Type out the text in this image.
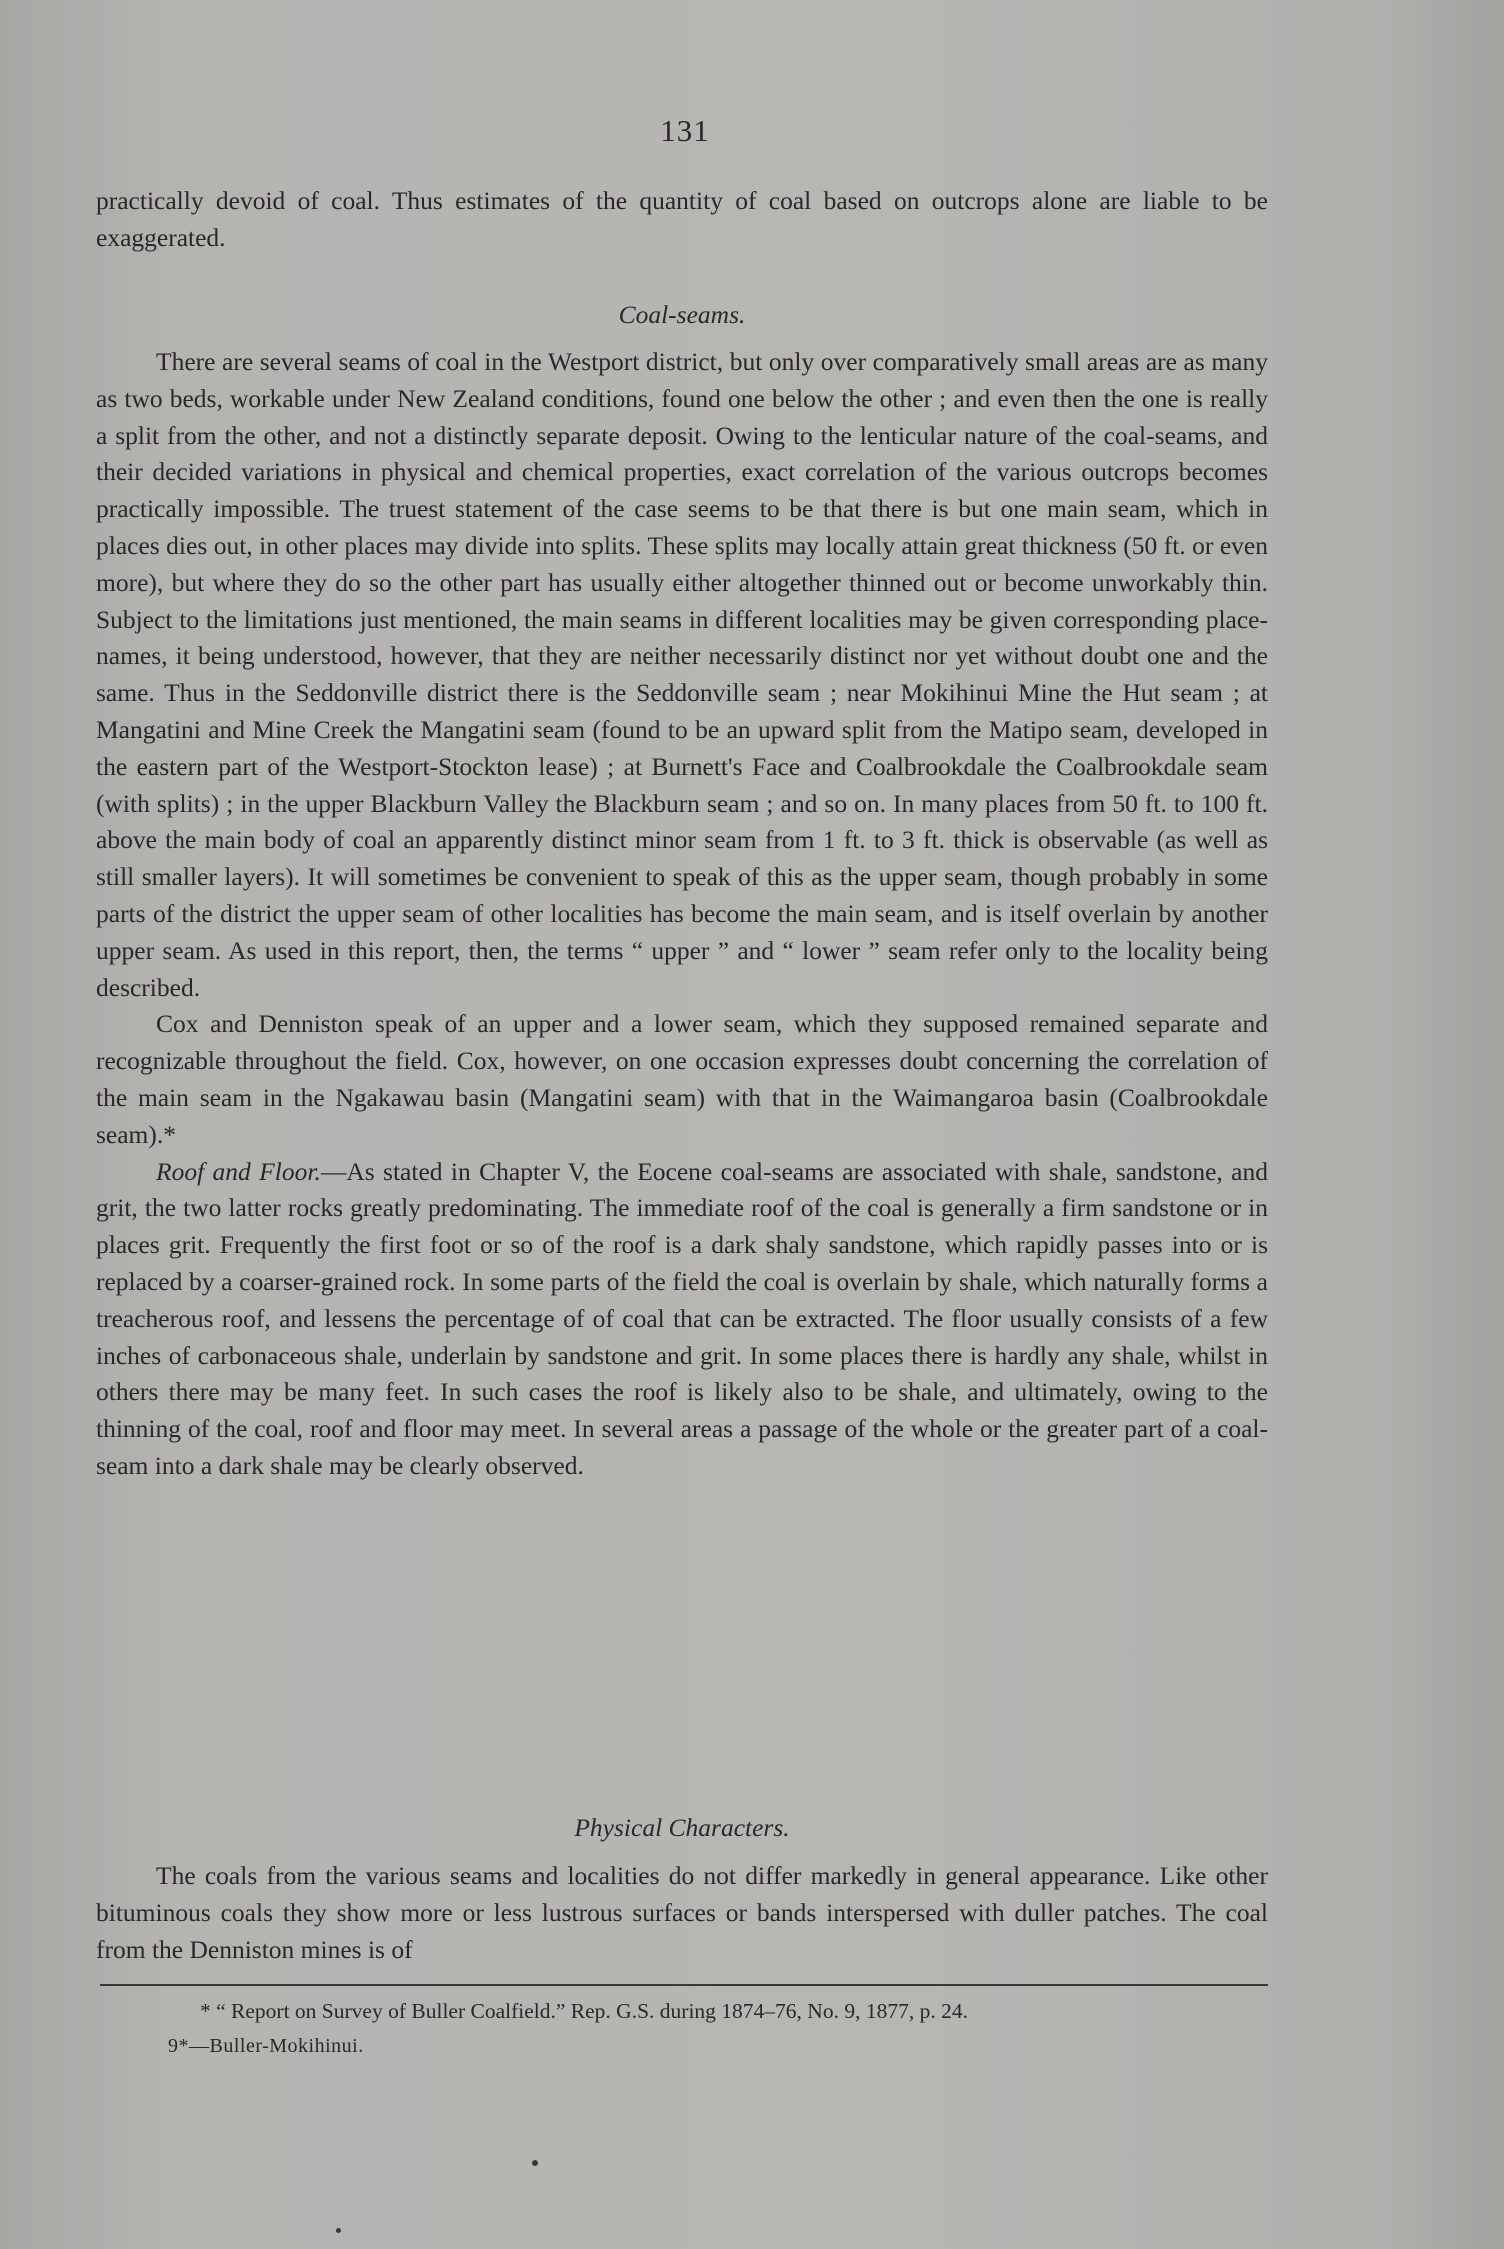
131

practically devoid of coal. Thus estimates of the quantity of coal based on outcrops alone are liable to be exaggerated.

Coal-seams.

There are several seams of coal in the Westport district, but only over comparatively small areas are as many as two beds, workable under New Zealand conditions, found one below the other ; and even then the one is really a split from the other, and not a distinctly separate deposit. Owing to the lenticular nature of the coal-seams, and their decided variations in physical and chemical properties, exact correlation of the various outcrops becomes practically impossible. The truest statement of the case seems to be that there is but one main seam, which in places dies out, in other places may divide into splits. These splits may locally attain great thickness (50 ft. or even more), but where they do so the other part has usually either altogether thinned out or become unworkably thin. Subject to the limitations just mentioned, the main seams in different localities may be given corresponding place-names, it being understood, however, that they are neither necessarily distinct nor yet without doubt one and the same. Thus in the Seddonville district there is the Seddonville seam ; near Mokihinui Mine the Hut seam ; at Mangatini and Mine Creek the Mangatini seam (found to be an upward split from the Matipo seam, developed in the eastern part of the Westport-Stockton lease) ; at Burnett's Face and Coalbrookdale the Coalbrookdale seam (with splits) ; in the upper Blackburn Valley the Blackburn seam ; and so on. In many places from 50 ft. to 100 ft. above the main body of coal an apparently distinct minor seam from 1 ft. to 3 ft. thick is observable (as well as still smaller layers). It will sometimes be convenient to speak of this as the upper seam, though probably in some parts of the district the upper seam of other localities has become the main seam, and is itself overlain by another upper seam. As used in this report, then, the terms “ upper ” and “ lower ” seam refer only to the locality being described.

Cox and Denniston speak of an upper and a lower seam, which they supposed remained separate and recognizable throughout the field. Cox, however, on one occasion expresses doubt concerning the correlation of the main seam in the Ngakawau basin (Mangatini seam) with that in the Waimangaroa basin (Coalbrookdale seam).*

Roof and Floor.—As stated in Chapter V, the Eocene coal-seams are associated with shale, sandstone, and grit, the two latter rocks greatly predominating. The immediate roof of the coal is generally a firm sandstone or in places grit. Frequently the first foot or so of the roof is a dark shaly sandstone, which rapidly passes into or is replaced by a coarser-grained rock. In some parts of the field the coal is overlain by shale, which naturally forms a treacherous roof, and lessens the percentage of of coal that can be extracted. The floor usually consists of a few inches of carbonaceous shale, underlain by sandstone and grit. In some places there is hardly any shale, whilst in others there may be many feet. In such cases the roof is likely also to be shale, and ultimately, owing to the thinning of the coal, roof and floor may meet. In several areas a passage of the whole or the greater part of a coal-seam into a dark shale may be clearly observed.

Physical Characters.

The coals from the various seams and localities do not differ markedly in general appearance. Like other bituminous coals they show more or less lustrous surfaces or bands interspersed with duller patches. The coal from the Denniston mines is of

* “ Report on Survey of Buller Coalfield.” Rep. G.S. during 1874–76, No. 9, 1877, p. 24.
9*—Buller-Mokihinui.
